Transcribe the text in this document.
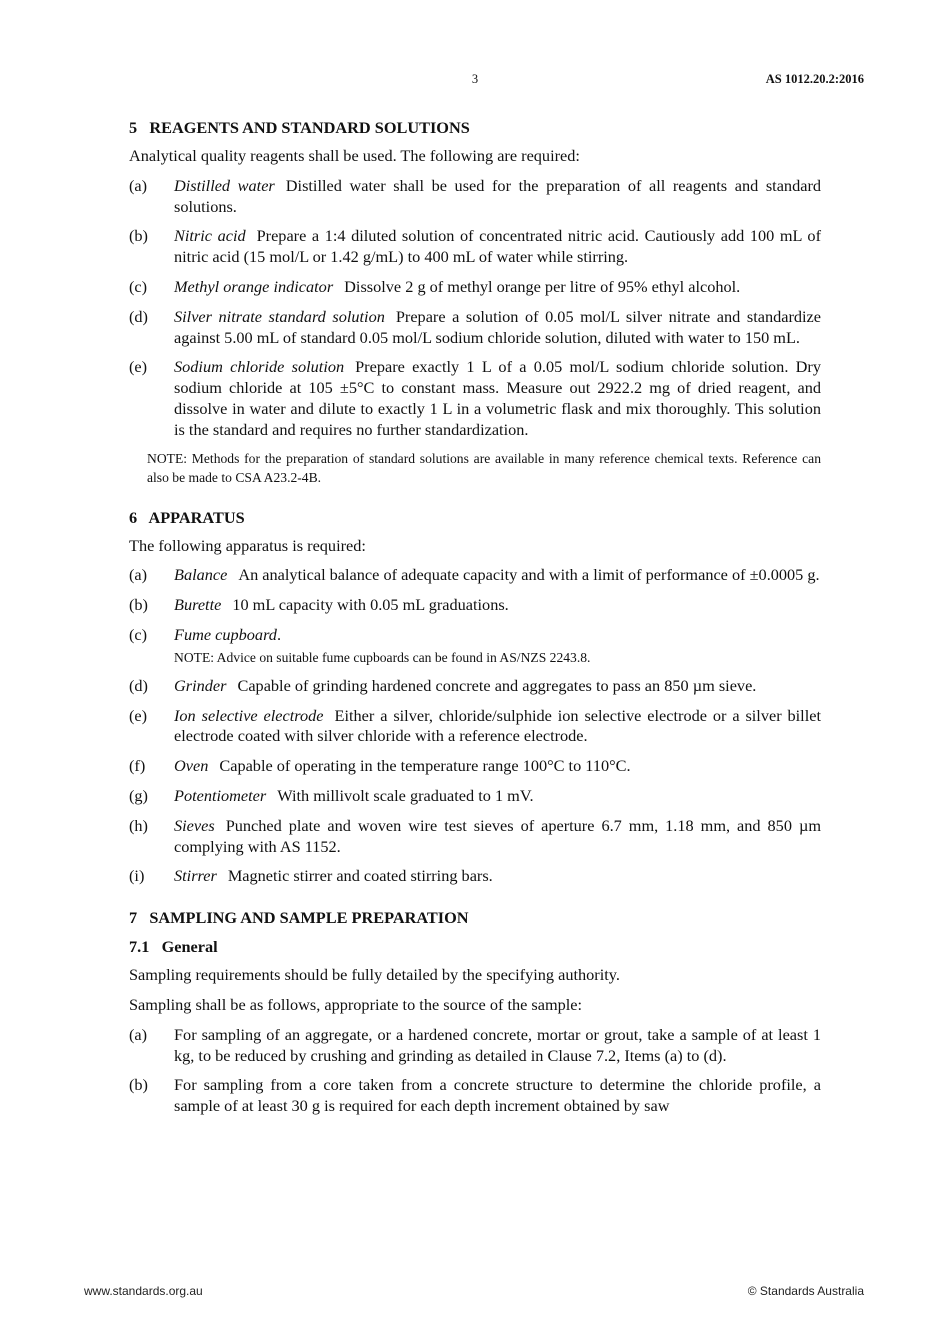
3	AS 1012.20.2:2016
5   REAGENTS AND STANDARD SOLUTIONS

Analytical quality reagents shall be used. The following are required:

(a)	Distilled water Distilled water shall be used for the preparation of all reagents and standard solutions.
(b)	Nitric acid Prepare a 1:4 diluted solution of concentrated nitric acid. Cautiously add 100 mL of nitric acid (15 mol/L or 1.42 g/mL) to 400 mL of water while stirring.
(c)	Methyl orange indicator Dissolve 2 g of methyl orange per litre of 95% ethyl alcohol.
(d)	Silver nitrate standard solution Prepare a solution of 0.05 mol/L silver nitrate and standardize against 5.00 mL of standard 0.05 mol/L sodium chloride solution, diluted with water to 150 mL.
(e)	Sodium chloride solution Prepare exactly 1 L of a 0.05 mol/L sodium chloride solution. Dry sodium chloride at 105 ±5°C to constant mass. Measure out 2922.2 mg of dried reagent, and dissolve in water and dilute to exactly 1 L in a volumetric flask and mix thoroughly. This solution is the standard and requires no further standardization.
NOTE: Methods for the preparation of standard solutions are available in many reference chemical texts. Reference can also be made to CSA A23.2-4B.
6   APPARATUS

The following apparatus is required:

(a)	Balance An analytical balance of adequate capacity and with a limit of performance of ±0.0005 g.
(b)	Burette 10 mL capacity with 0.05 mL graduations.
(c)	Fume cupboard.
NOTE: Advice on suitable fume cupboards can be found in AS/NZS 2243.8.
(d)	Grinder Capable of grinding hardened concrete and aggregates to pass an 850 µm sieve.
(e)	Ion selective electrode Either a silver, chloride/sulphide ion selective electrode or a silver billet electrode coated with silver chloride with a reference electrode.
(f)	Oven Capable of operating in the temperature range 100°C to 110°C.
(g)	Potentiometer With millivolt scale graduated to 1 mV.
(h)	Sieves Punched plate and woven wire test sieves of aperture 6.7 mm, 1.18 mm, and 850 µm complying with AS 1152.
(i)	Stirrer Magnetic stirrer and coated stirring bars.
7   SAMPLING AND SAMPLE PREPARATION
7.1   General

Sampling requirements should be fully detailed by the specifying authority.

Sampling shall be as follows, appropriate to the source of the sample:

(a)	For sampling of an aggregate, or a hardened concrete, mortar or grout, take a sample of at least 1 kg, to be reduced by crushing and grinding as detailed in Clause 7.2, Items (a) to (d).
(b)	For sampling from a core taken from a concrete structure to determine the chloride profile, a sample of at least 30 g is required for each depth increment obtained by saw
www.standards.org.au	© Standards Australia
